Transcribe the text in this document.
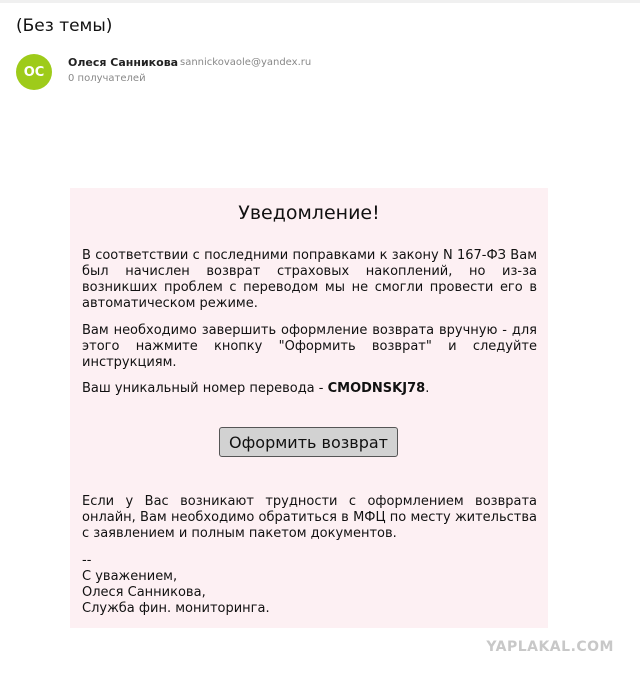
(Без темы)
ОС
Олеся Санникова sannickovaole@yandex.ru
0 получателей
Уведомление!
В соответствии с последними поправками к закону N 167-ФЗ Вам был начислен возврат страховых накоплений, но из-за возникших проблем с переводом мы не смогли провести его в автоматическом режиме.
Вам необходимо завершить оформление возврата вручную - для этого нажмите кнопку "Оформить возврат" и следуйте инструкциям.
Ваш уникальный номер перевода - CMODNSKJ78.
Оформить возврат
Если у Вас возникают трудности с оформлением возврата онлайн, Вам необходимо обратиться в МФЦ по месту жительства с заявлением и полным пакетом документов.
--
С уважением,
Олеся Санникова,
Служба фин. мониторинга.
YAPLAKAL.COM
